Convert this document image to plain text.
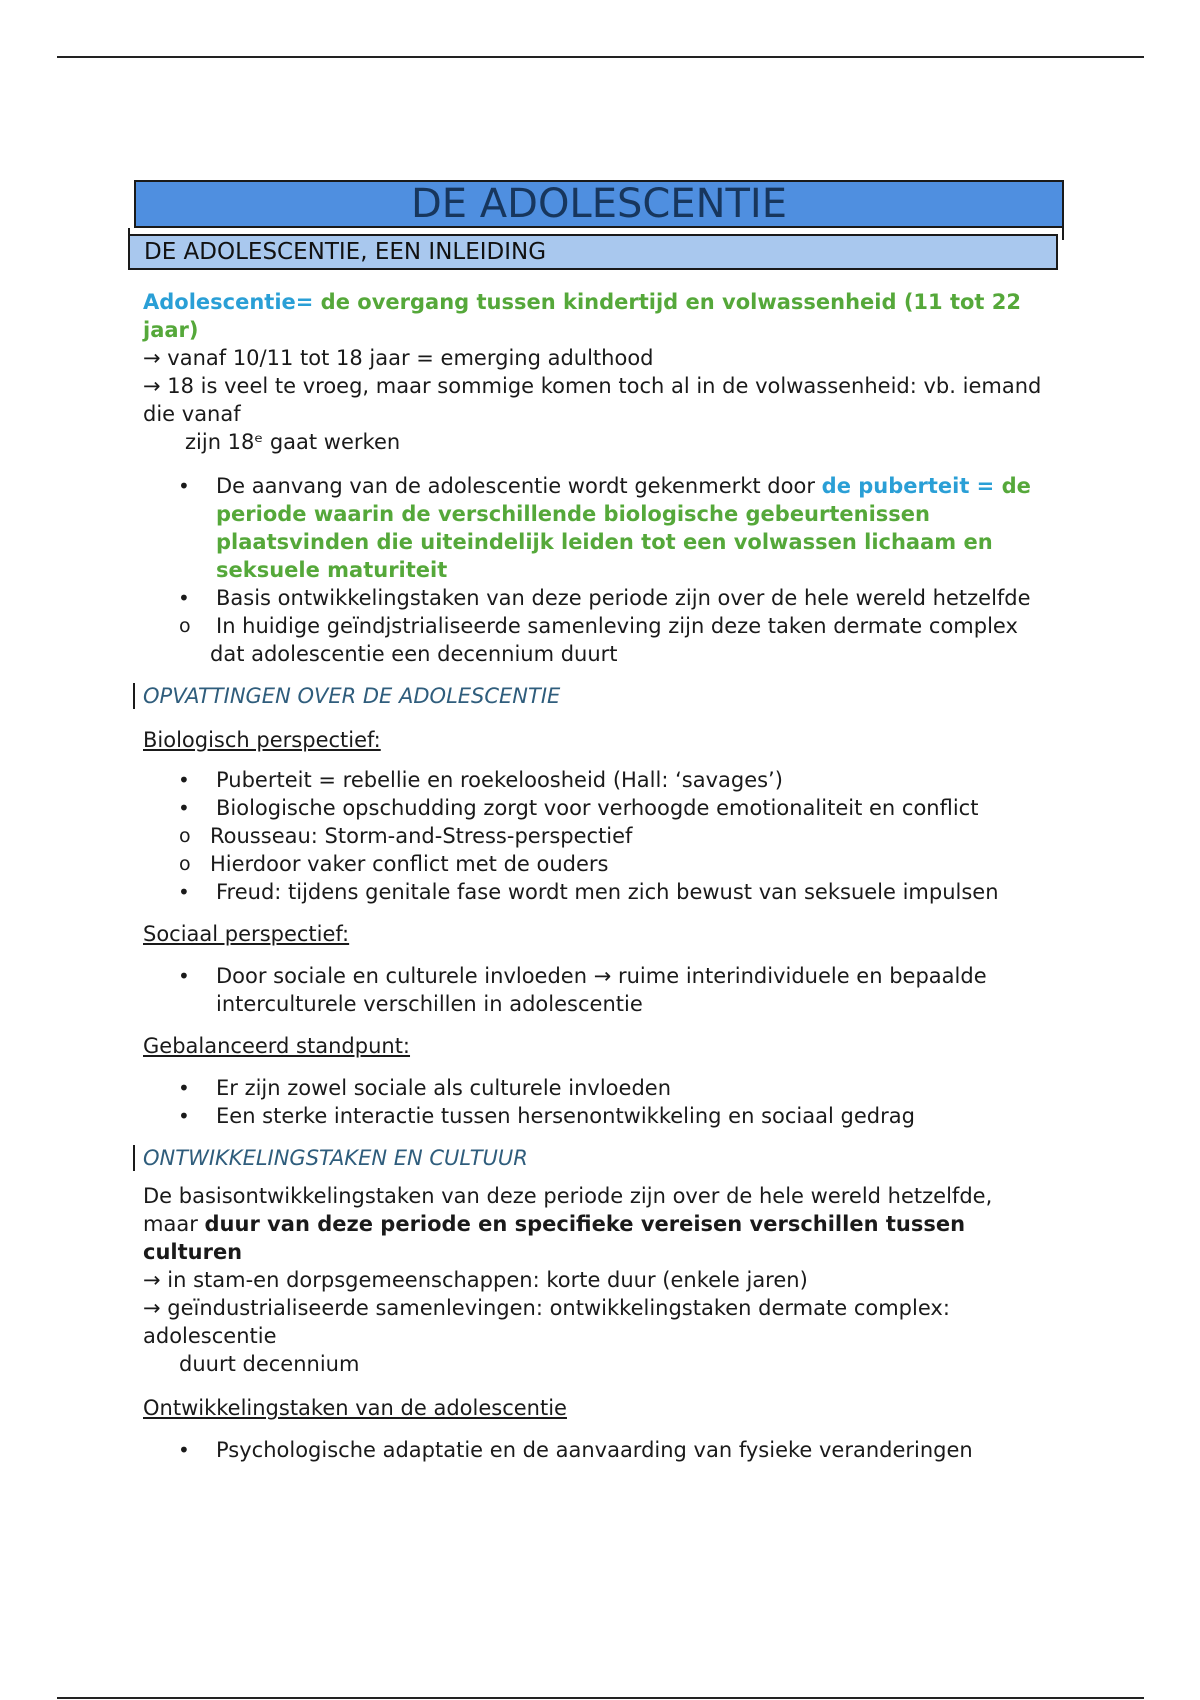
DE ADOLESCENTIE
DE ADOLESCENTIE, EEN INLEIDING

Adolescentie= de overgang tussen kindertijd en volwassenheid (11 tot 22 jaar)

→ vanaf 10/11 tot 18 jaar = emerging adulthood

→ 18 is veel te vroeg, maar sommige komen toch al in de volwassenheid: vb. iemand die vanaf

zijn 18ᵉ gaat werken

• De aanvang van de adolescentie wordt gekenmerkt door de puberteit = de periode waarin de verschillende biologische gebeurtenissen plaatsvinden die uiteindelijk leiden tot een volwassen lichaam en seksuele maturiteit
• Basis ontwikkelingstaken van deze periode zijn over de hele wereld hetzelfde
o In huidige geïndjstrialiseerde samenleving zijn deze taken dermate complex dat adolescentie een decennium duurt

OPVATTINGEN OVER DE ADOLESCENTIE

Biologisch perspectief:

• Puberteit = rebellie en roekeloosheid (Hall: ‘savages’)
• Biologische opschudding zorgt voor verhoogde emotionaliteit en conflict
o Rousseau: Storm-and-Stress-perspectief
o Hierdoor vaker conflict met de ouders
• Freud: tijdens genitale fase wordt men zich bewust van seksuele impulsen

Sociaal perspectief:

• Door sociale en culturele invloeden → ruime interindividuele en bepaalde interculturele verschillen in adolescentie

Gebalanceerd standpunt:

• Er zijn zowel sociale als culturele invloeden
• Een sterke interactie tussen hersenontwikkeling en sociaal gedrag

ONTWIKKELINGSTAKEN EN CULTUUR

De basisontwikkelingstaken van deze periode zijn over de hele wereld hetzelfde, maar duur van deze periode en specifieke vereisen verschillen tussen culturen

→ in stam-en dorpsgemeenschappen: korte duur (enkele jaren)

→ geïndustrialiseerde samenlevingen: ontwikkelingstaken dermate complex: adolescentie

duurt decennium

Ontwikkelingstaken van de adolescentie

• Psychologische adaptatie en de aanvaarding van fysieke veranderingen
